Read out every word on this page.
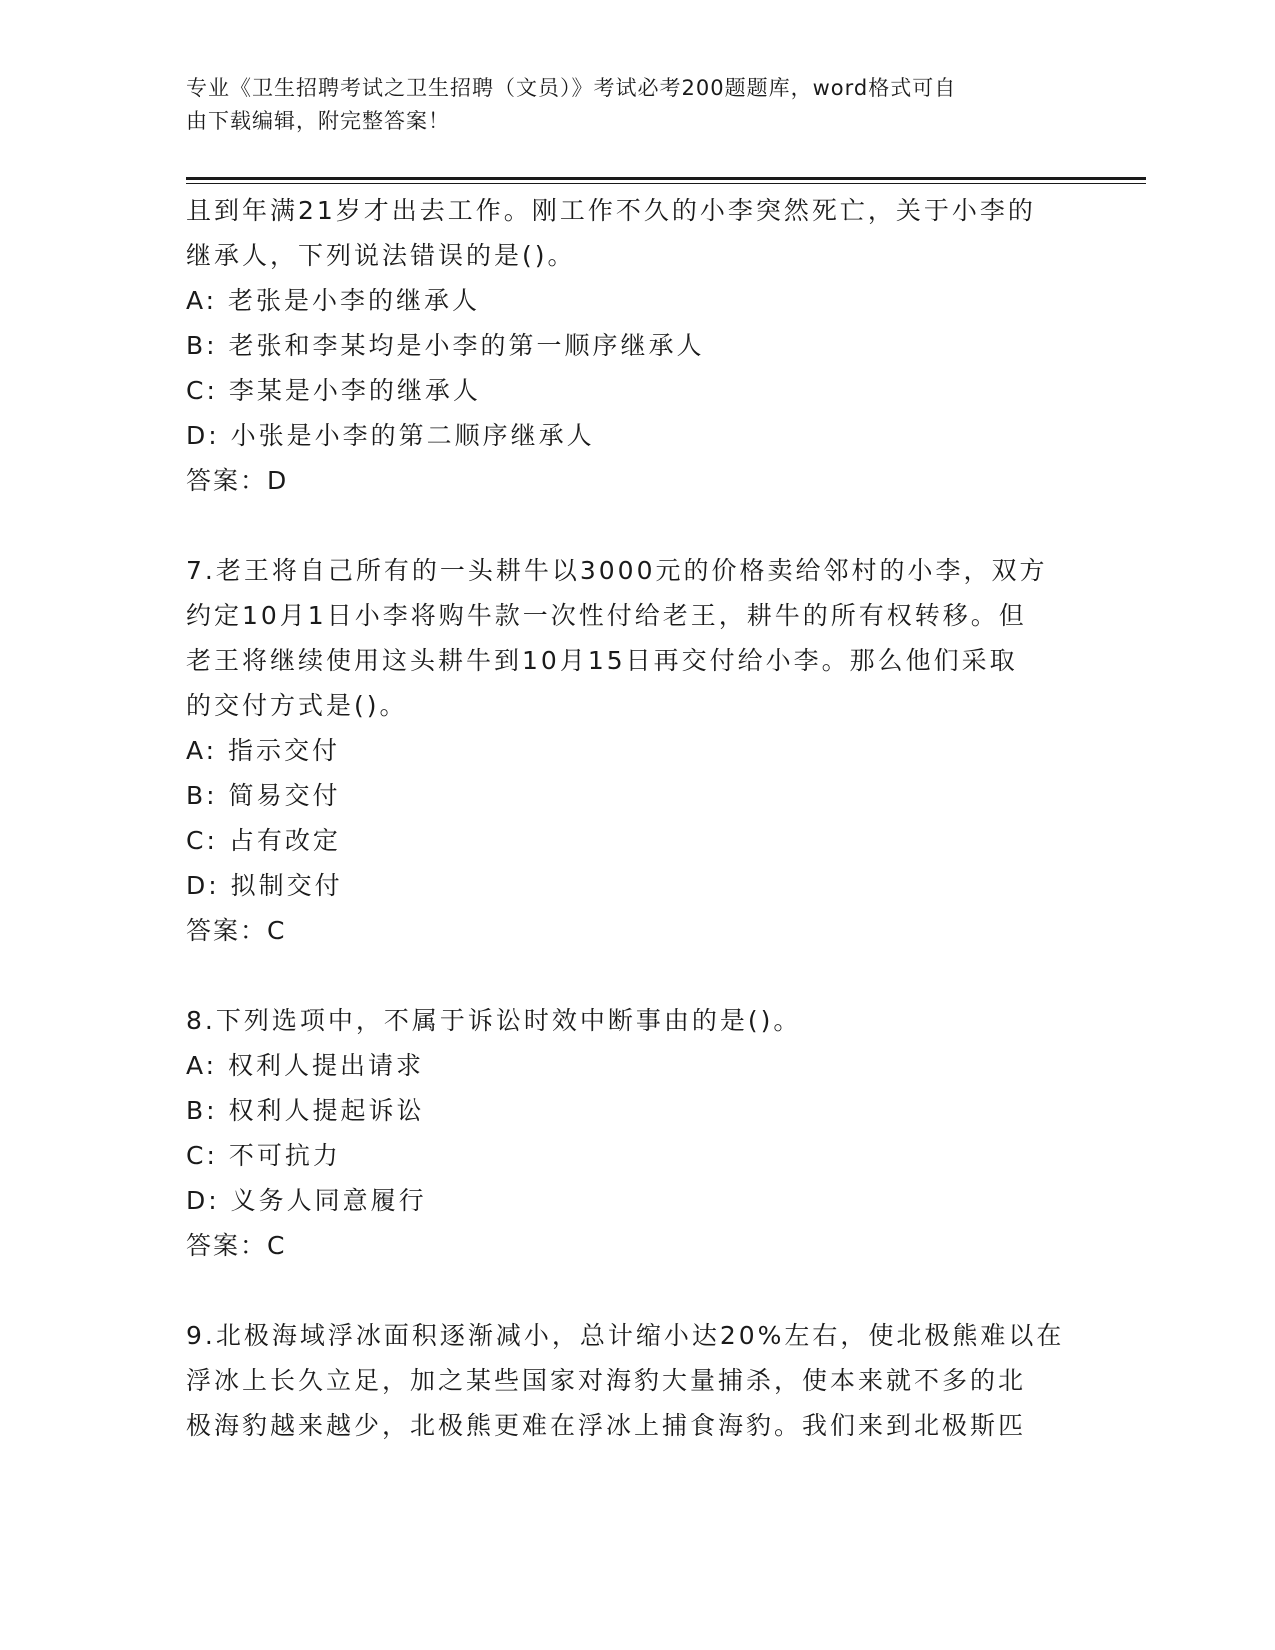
专业《卫生招聘考试之卫生招聘（文员）》考试必考200题题库，word格式可自
由下载编辑，附完整答案！
且到年满21岁才出去工作。刚工作不久的小李突然死亡，关于小李的
继承人，下列说法错误的是()。
A: 老张是小李的继承人
B: 老张和李某均是小李的第一顺序继承人
C: 李某是小李的继承人
D: 小张是小李的第二顺序继承人
答案：D
7.老王将自己所有的一头耕牛以3000元的价格卖给邻村的小李，双方
约定10月1日小李将购牛款一次性付给老王，耕牛的所有权转移。但
老王将继续使用这头耕牛到10月15日再交付给小李。那么他们采取
的交付方式是()。
A: 指示交付
B: 简易交付
C: 占有改定
D: 拟制交付
答案：C
8.下列选项中，不属于诉讼时效中断事由的是()。
A: 权利人提出请求
B: 权利人提起诉讼
C: 不可抗力
D: 义务人同意履行
答案：C
9.北极海域浮冰面积逐渐减小，总计缩小达20%左右，使北极熊难以在
浮冰上长久立足，加之某些国家对海豹大量捕杀，使本来就不多的北
极海豹越来越少，北极熊更难在浮冰上捕食海豹。我们来到北极斯匹
